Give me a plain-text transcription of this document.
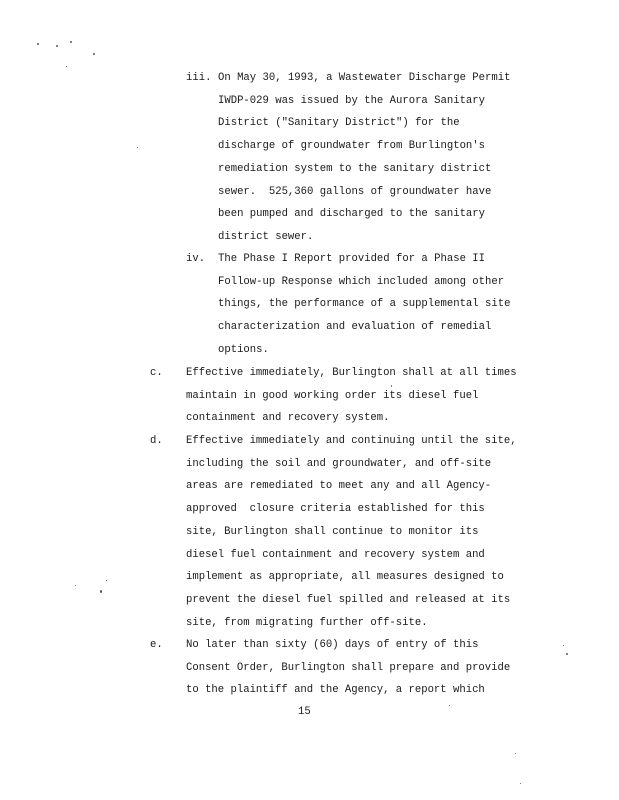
iii. On May 30, 1993, a Wastewater Discharge Permit
IWDP-029 was issued by the Aurora Sanitary
District ("Sanitary District") for the
discharge of groundwater from Burlington's
remediation system to the sanitary district
sewer.  525,360 gallons of groundwater have
been pumped and discharged to the sanitary
district sewer.
iv. The Phase I Report provided for a Phase II
Follow-up Response which included among other
things, the performance of a supplemental site
characterization and evaluation of remedial
options.
c. Effective immediately, Burlington shall at all times
maintain in good working order its diesel fuel
containment and recovery system.
d. Effective immediately and continuing until the site,
including the soil and groundwater, and off-site
areas are remediated to meet any and all Agency-
approved  closure criteria established for this
site, Burlington shall continue to monitor its
diesel fuel containment and recovery system and
implement as appropriate, all measures designed to
prevent the diesel fuel spilled and released at its
site, from migrating further off-site.
e. No later than sixty (60) days of entry of this
Consent Order, Burlington shall prepare and provide
to the plaintiff and the Agency, a report which
15
